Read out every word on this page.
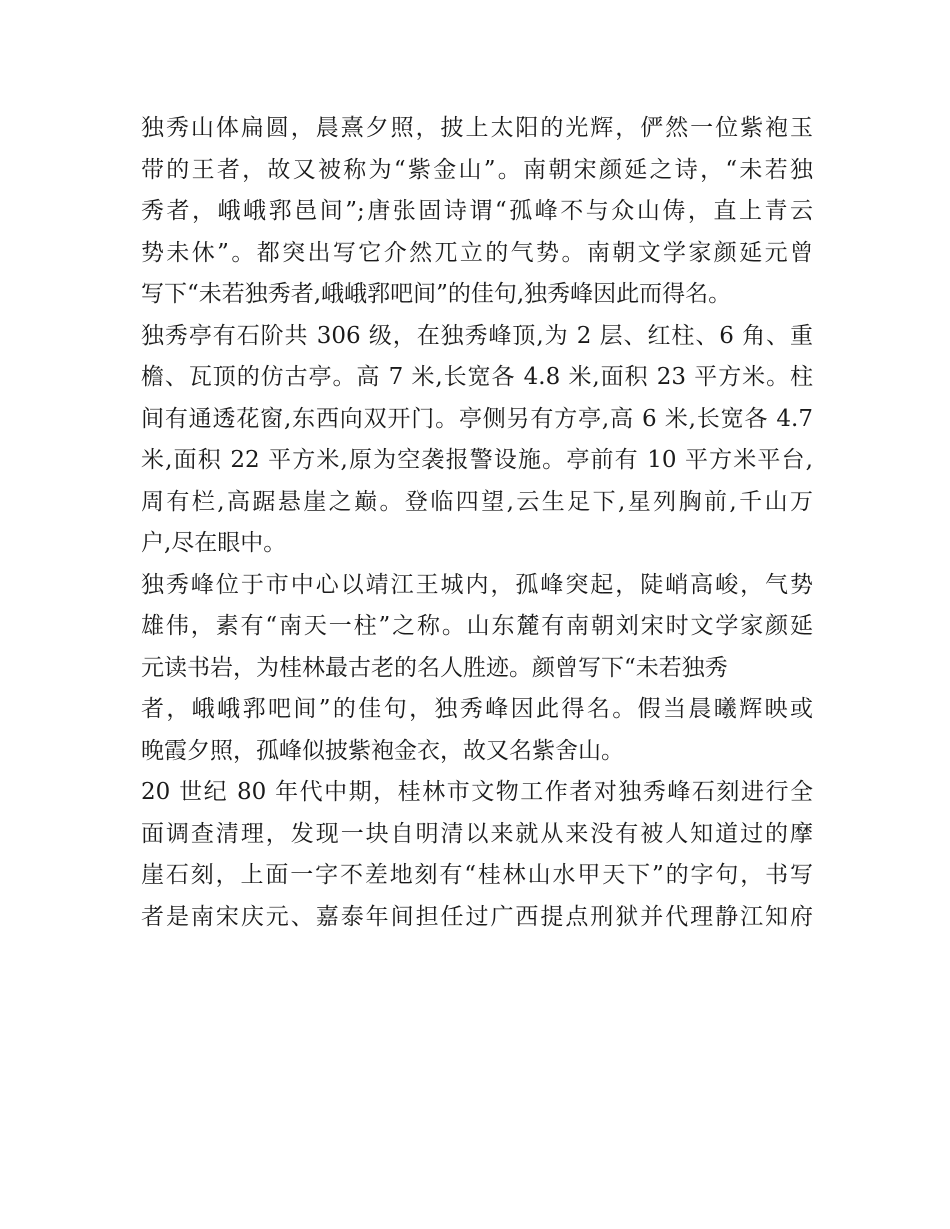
独秀山体扁圆，晨熹夕照，披上太阳的光辉，俨然一位紫袍玉
带的王者，故又被称为“紫金山”。南朝宋颜延之诗，“未若独
秀者，峨峨郛邑间”;唐张固诗谓“孤峰不与众山俦，直上青云
势未休”。都突出写它介然兀立的气势。南朝文学家颜延元曾
写下“未若独秀者,峨峨郛吧间”的佳句,独秀峰因此而得名。
独秀亭有石阶共 306 级，在独秀峰顶,为 2 层、红柱、6 角、重
檐、瓦顶的仿古亭。高 7 米,长宽各 4.8 米,面积 23 平方米。柱
间有通透花窗,东西向双开门。亭侧另有方亭,高 6 米,长宽各 4.7
米,面积 22 平方米,原为空袭报警设施。亭前有 10 平方米平台,
周有栏,高踞悬崖之巅。登临四望,云生足下,星列胸前,千山万
户,尽在眼中。
独秀峰位于市中心以靖江王城内，孤峰突起，陡峭高峻，气势
雄伟，素有“南天一柱”之称。山东麓有南朝刘宋时文学家颜延
元读书岩，为桂林最古老的名人胜迹。颜曾写下“未若独秀
者，峨峨郛吧间”的佳句，独秀峰因此得名。假当晨曦辉映或
晚霞夕照，孤峰似披紫袍金衣，故又名紫舍山。
20 世纪 80 年代中期，桂林市文物工作者对独秀峰石刻进行全
面调查清理，发现一块自明清以来就从来没有被人知道过的摩
崖石刻，上面一字不差地刻有“桂林山水甲天下”的字句，书写
者是南宋庆元、嘉泰年间担任过广西提点刑狱并代理静江知府
